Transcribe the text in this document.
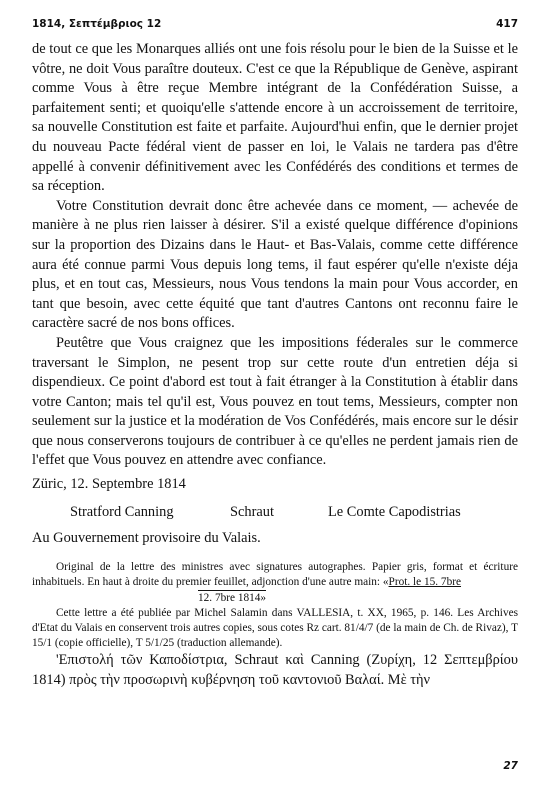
1814, Σεπτέμβριος 12	417

de tout ce que les Monarques alliés ont une fois résolu pour le bien de la Suisse et le vôtre, ne doit Vous paraître douteux. C'est ce que la République de Genève, aspirant comme Vous à être reçue Membre intégrant de la Confédération Suisse, a parfaitement senti; et quoiqu'elle s'attende encore à un accroissement de territoire, sa nouvelle Constitution est faite et parfaite. Aujourd'hui enfin, que le dernier projet du nouveau Pacte fédéral vient de passer en loi, le Valais ne tardera pas d'être appellé à convenir définitivement avec les Confédérés des conditions et termes de sa réception.

Votre Constitution devrait donc être achevée dans ce moment, — achevée de manière à ne plus rien laisser à désirer. S'il a existé quelque différence d'opinions sur la proportion des Dizains dans le Haut- et Bas-Valais, comme cette différence aura été connue parmi Vous depuis long tems, il faut espérer qu'elle n'existe déja plus, et en tout cas, Messieurs, nous Vous tendons la main pour Vous accorder, en tant que besoin, avec cette équité que tant d'autres Cantons ont reconnu faire le caractère sacré de nos bons offices.

Peutêtre que Vous craignez que les impositions féderales sur le commerce traversant le Simplon, ne pesent trop sur cette route d'un entretien déja si dispendieux. Ce point d'abord est tout à fait étranger à la Constitution à établir dans votre Canton; mais tel qu'il est, Vous pouvez en tout tems, Messieurs, compter non seulement sur la justice et la modération de Vos Confédérés, mais encore sur le désir que nous conserverons toujours de contribuer à ce qu'elles ne perdent jamais rien de l'effet que Vous pouvez en attendre avec confiance.

Züric, 12. Septembre 1814

Stratford Canning	Schraut	Le Comte Capodistrias

Au Gouvernement provisoire du Valais.

Original de la lettre des ministres avec signatures autographes. Papier gris, format et écriture inhabituels. En haut à droite du premier feuillet, adjonction d'une autre main: «Prot. le 15. 7bre

12. 7bre 1814»

Cette lettre a été publiée par Michel Salamin dans VALLESIA, t. XX, 1965, p. 146. Les Archives d'Etat du Valais en conservent trois autres copies, sous cotes Rz cart. 81/4/7 (de la main de Ch. de Rivaz), T 15/1 (copie officielle), T 5/1/25 (traduction allemande).

'Επιστολή τῶν Καποδίστρια, Schraut καὶ Canning (Ζυρίχη, 12 Σεπτεμβρίου 1814) πρὸς τὴν προσωρινὴ κυβέρνηση τοῦ καντονιοῦ Βαλαί. Μὲ τὴν

27
